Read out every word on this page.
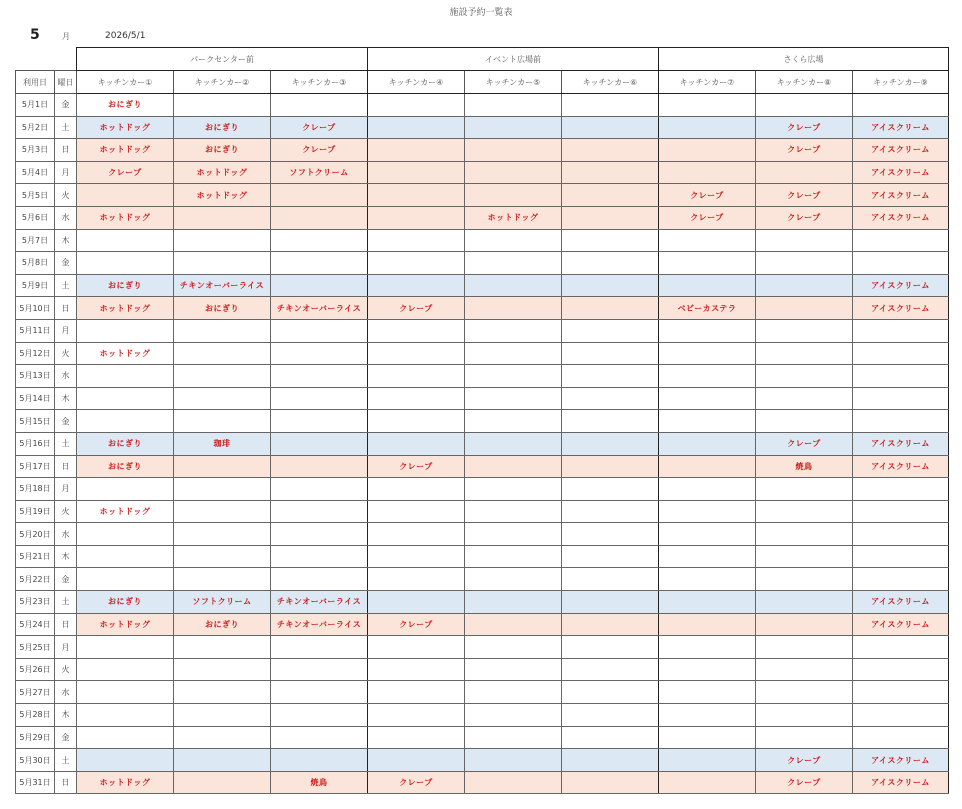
施設予約一覧表
5	月	2026/5/1
		パークセンター前			イベント広場前			さくら広場		
利用日	曜日	キッチンカー①	キッチンカー②	キッチンカー③	キッチンカー④	キッチンカー⑤	キッチンカー⑥	キッチンカー⑦	キッチンカー⑧	キッチンカー⑨
5月1日	金	おにぎり								
5月2日	土	ホットドッグ	おにぎり	クレープ					クレープ	アイスクリーム
5月3日	日	ホットドッグ	おにぎり	クレープ					クレープ	アイスクリーム
5月4日	月	クレープ	ホットドッグ	ソフトクリーム						アイスクリーム
5月5日	火		ホットドッグ					クレープ	クレープ	アイスクリーム
5月6日	水	ホットドッグ				ホットドッグ		クレープ	クレープ	アイスクリーム
5月7日	木									
5月8日	金									
5月9日	土	おにぎり	チキンオーバーライス							アイスクリーム
5月10日	日	ホットドッグ	おにぎり	チキンオーバーライス	クレープ			ベビーカステラ		アイスクリーム
5月11日	月									
5月12日	火	ホットドッグ								
5月13日	水									
5月14日	木									
5月15日	金									
5月16日	土	おにぎり	珈琲						クレープ	アイスクリーム
5月17日	日	おにぎり			クレープ				焼鳥	アイスクリーム
5月18日	月									
5月19日	火	ホットドッグ								
5月20日	水									
5月21日	木									
5月22日	金									
5月23日	土	おにぎり	ソフトクリーム	チキンオーバーライス						アイスクリーム
5月24日	日	ホットドッグ	おにぎり	チキンオーバーライス	クレープ					アイスクリーム
5月25日	月									
5月26日	火									
5月27日	水									
5月28日	木									
5月29日	金									
5月30日	土								クレープ	アイスクリーム
5月31日	日	ホットドッグ		焼鳥	クレープ				クレープ	アイスクリーム
